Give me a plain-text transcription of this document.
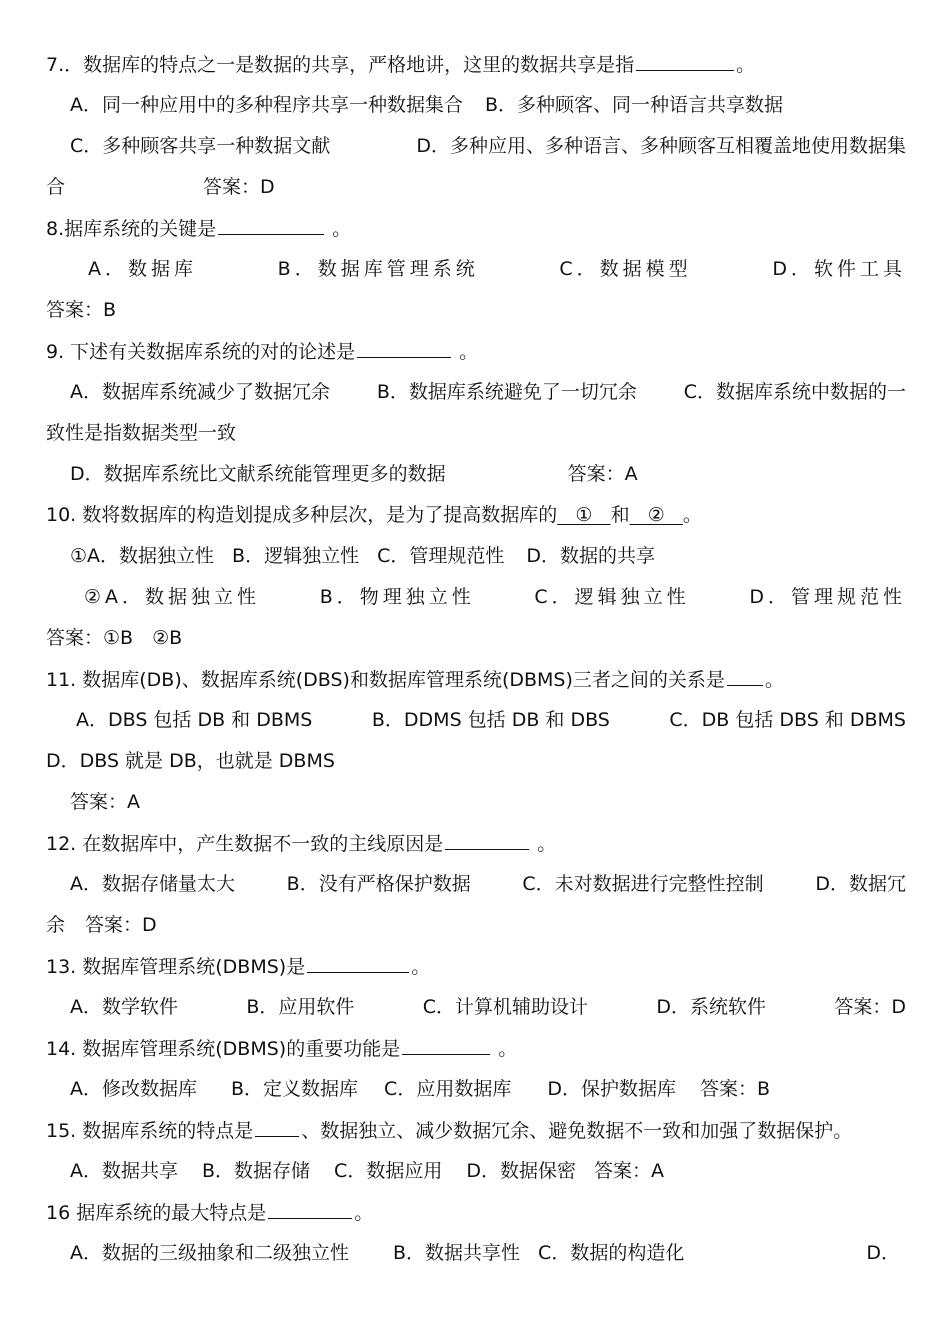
7.．数据库的特点之一是数据的共享，严格地讲，这里的数据共享是指	。
A．同一种应用中的多种程序共享一种数据集合 B．多种顾客、同一种语言共享数据
C．多种顾客共享一种数据文献	D．多种应用、多种语言、多种顾客互相覆盖地使用数据集
合	答案：D
8.据库系统的关键是	。
A．数据库	B．数据库管理系统	C．数据模型	D．软件工具
答案：B
9. 下述有关数据库系统的对的论述是	。
A．数据库系统减少了数据冗余 B．数据库系统避免了一切冗余 C．数据库系统中数据的一
致性是指数据类型一致
D．数据库系统比文献系统能管理更多的数据	答案：A
10. 数将数据库的构造划提成多种层次，是为了提高数据库的 ① 和 ② 。
①A．数据独立性 B．逻辑独立性 C．管理规范性 D．数据的共享
②A．数据独立性	B．物理独立性	C．逻辑独立性	D．管理规范性
答案：①B　②B
11. 数据库(DB)、数据库系统(DBS)和数据库管理系统(DBMS)三者之间的关系是 。
A．DBS 包括 DB 和 DBMS	B．DDMS 包括 DB 和 DBS	C．DB 包括 DBS 和 DBMS
D．DBS 就是 DB，也就是 DBMS
答案：A
12. 在数据库中，产生数据不一致的主线原因是	。
A．数据存储量太大	B．没有严格保护数据	C．未对数据进行完整性控制	D．数据冗
余 答案：D
13. 数据库管理系统(DBMS)是	。
A．数学软件	B．应用软件	C．计算机辅助设计	D．系统软件	答案：D
14. 数据库管理系统(DBMS)的重要功能是	。
A．修改数据库 B．定义数据库 C．应用数据库 D．保护数据库 答案：B
15. 数据库系统的特点是	、数据独立、减少数据冗余、避免数据不一致和加强了数据保护。
A．数据共享 B．数据存储 C．数据应用 D．数据保密 答案：A
16 据库系统的最大特点是	。
A．数据的三级抽象和二级独立性 B．数据共享性 C．数据的构造化	D．
